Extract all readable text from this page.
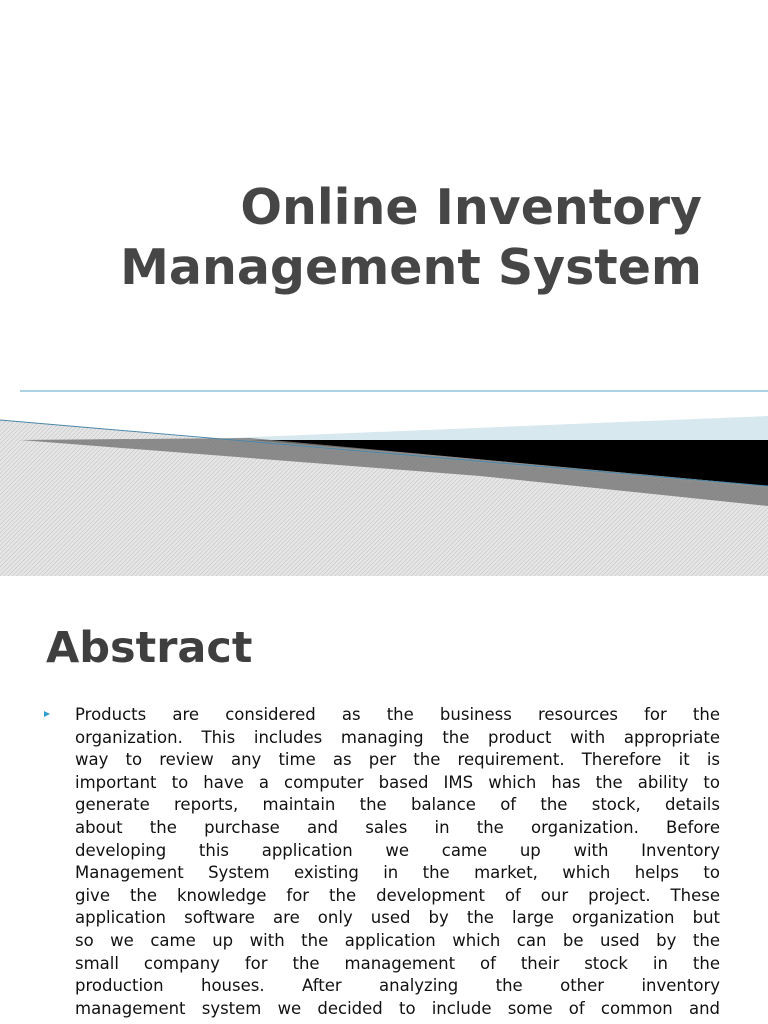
Online Inventory
Management System
Abstract

Products are considered as the business resources for the
organization. This includes managing the product with appropriate
way to review any time as per the requirement. Therefore it is
important to have a computer based IMS which has the ability to
generate reports, maintain the balance of the stock, details
about the purchase and sales in the organization. Before
developing this application we came up with Inventory
Management System existing in the market, which helps to
give the knowledge for the development of our project. These
application software are only used by the large organization but
so we came up with the application which can be used by the
small company for the management of their stock in the
production houses. After analyzing the other inventory
management system we decided to include some of common and
